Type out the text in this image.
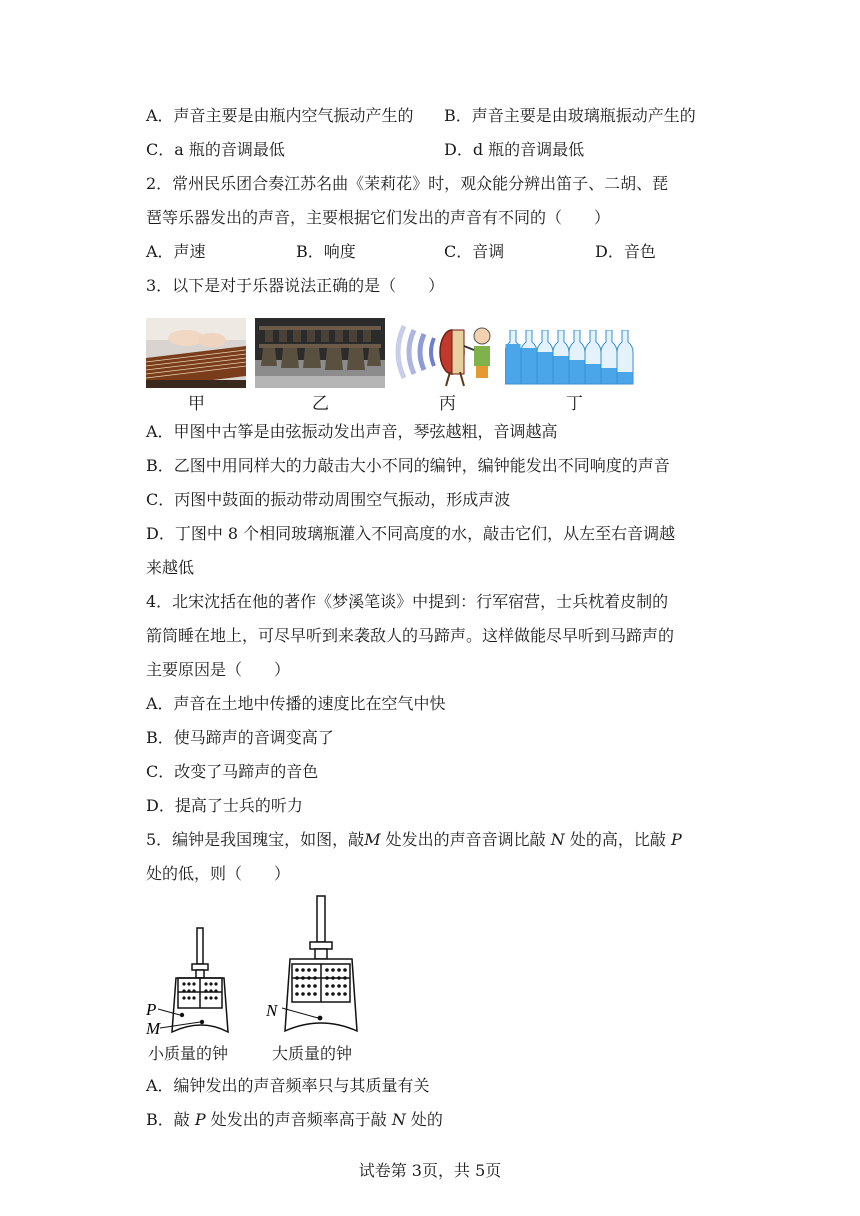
A．声音主要是由瓶内空气振动产生的 B．声音主要是由玻璃瓶振动产生的
C．a 瓶的音调最低	D．d 瓶的音调最低
2．常州民乐团合奏江苏名曲《茉莉花》时，观众能分辨出笛子、二胡、琵
琶等乐器发出的声音，主要根据它们发出的声音有不同的（　　）
A．声速	B．响度	C．音调	D．音色
3．以下是对于乐器说法正确的是（　　）
甲	乙	丙	丁
A．甲图中古筝是由弦振动发出声音，琴弦越粗，音调越高
B．乙图中用同样大的力敲击大小不同的编钟，编钟能发出不同响度的声音
C．丙图中鼓面的振动带动周围空气振动，形成声波
D．丁图中 8 个相同玻璃瓶灌入不同高度的水，敲击它们，从左至右音调越
来越低
4．北宋沈括在他的著作《梦溪笔谈》中提到：行军宿营，士兵枕着皮制的
箭筒睡在地上，可尽早听到来袭敌人的马蹄声。这样做能尽早听到马蹄声的
主要原因是（　　）
A．声音在土地中传播的速度比在空气中快
B．使马蹄声的音调变高了
C．改变了马蹄声的音色
D．提高了士兵的听力
5．编钟是我国瑰宝，如图，敲M 处发出的声音音调比敲 N 处的高，比敲 P
处的低，则（　　）
P
M
N
小质量的钟	大质量的钟
A．编钟发出的声音频率只与其质量有关
B．敲 P 处发出的声音频率高于敲 N 处的
试卷第 3页，共 5页
